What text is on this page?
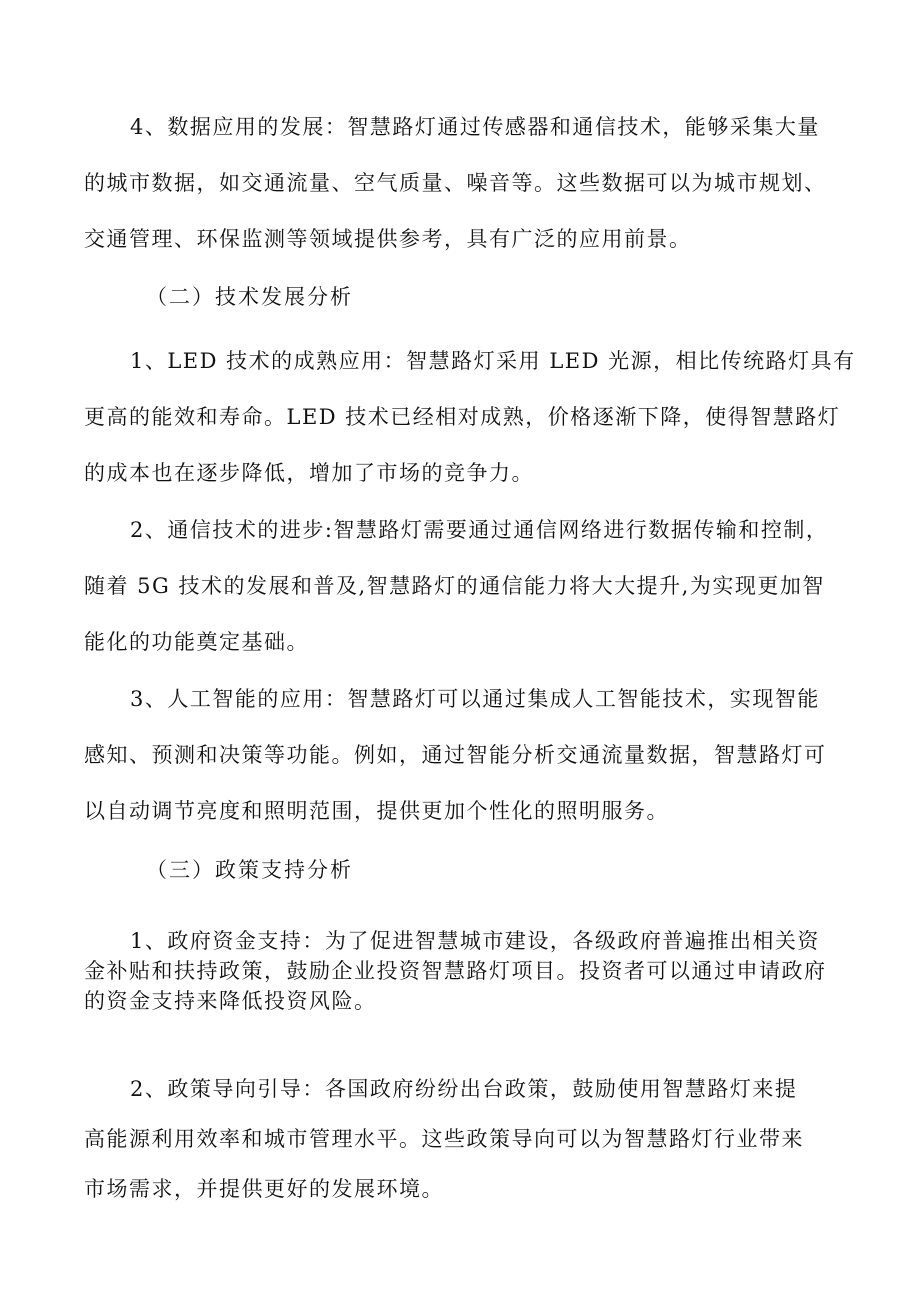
4、数据应用的发展：智慧路灯通过传感器和通信技术，能够采集大量
的城市数据，如交通流量、空气质量、噪音等。这些数据可以为城市规划、
交通管理、环保监测等领域提供参考，具有广泛的应用前景。

（二）技术发展分析

1、LED 技术的成熟应用：智慧路灯采用 LED 光源，相比传统路灯具有
更高的能效和寿命。LED 技术已经相对成熟，价格逐渐下降，使得智慧路灯
的成本也在逐步降低，增加了市场的竞争力。

2、通信技术的进步:智慧路灯需要通过通信网络进行数据传输和控制，
随着 5G 技术的发展和普及,智慧路灯的通信能力将大大提升,为实现更加智
能化的功能奠定基础。

3、人工智能的应用：智慧路灯可以通过集成人工智能技术，实现智能
感知、预测和决策等功能。例如，通过智能分析交通流量数据，智慧路灯可
以自动调节亮度和照明范围，提供更加个性化的照明服务。

（三）政策支持分析

1、政府资金支持：为了促进智慧城市建设，各级政府普遍推出相关资
金补贴和扶持政策，鼓励企业投资智慧路灯项目。投资者可以通过申请政府
的资金支持来降低投资风险。

2、政策导向引导：各国政府纷纷出台政策，鼓励使用智慧路灯来提
高能源利用效率和城市管理水平。这些政策导向可以为智慧路灯行业带来
市场需求，并提供更好的发展环境。
